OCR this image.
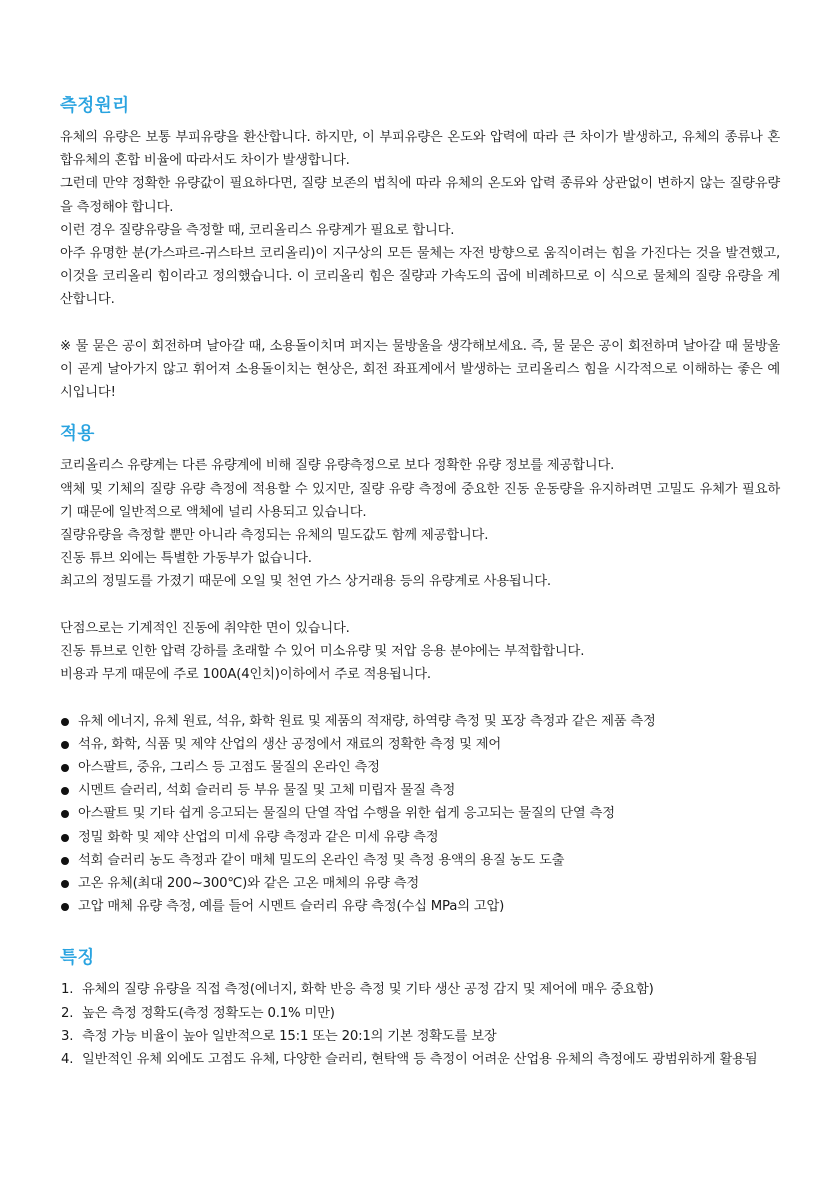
측정원리

유체의 유량은 보통 부피유량을 환산합니다. 하지만, 이 부피유량은 온도와 압력에 따라 큰 차이가 발생하고, 유체의 종류나 혼합유체의 혼합 비율에 따라서도 차이가 발생합니다.

그런데 만약 정확한 유량값이 필요하다면, 질량 보존의 법칙에 따라 유체의 온도와 압력 종류와 상관없이 변하지 않는 질량유량을 측정해야 합니다.

이런 경우 질량유량을 측정할 때, 코리올리스 유량계가 필요로 합니다.

아주 유명한 분(가스파르-귀스타브 코리올리)이 지구상의 모든 물체는 자전 방향으로 움직이려는 힘을 가진다는 것을 발견했고, 이것을 코리올리 힘이라고 정의했습니다. 이 코리올리 힘은 질량과 가속도의 곱에 비례하므로 이 식으로 물체의 질량 유량을 계산합니다.

※ 물 묻은 공이 회전하며 날아갈 때, 소용돌이치며 퍼지는 물방울을 생각해보세요. 즉, 물 묻은 공이 회전하며 날아갈 때 물방울이 곧게 날아가지 않고 휘어져 소용돌이치는 현상은, 회전 좌표계에서 발생하는 코리올리스 힘을 시각적으로 이해하는 좋은 예시입니다!

적용

코리올리스 유량계는 다른 유량계에 비해 질량 유량측정으로 보다 정확한 유량 정보를 제공합니다.

액체 및 기체의 질량 유량 측정에 적용할 수 있지만, 질량 유량 측정에 중요한 진동 운동량을 유지하려면 고밀도 유체가 필요하기 때문에 일반적으로 액체에 널리 사용되고 있습니다.

질량유량을 측정할 뿐만 아니라 측정되는 유체의 밀도값도 함께 제공합니다.

진동 튜브 외에는 특별한 가동부가 없습니다.

최고의 정밀도를 가졌기 때문에 오일 및 천연 가스 상거래용 등의 유량계로 사용됩니다.

단점으로는 기계적인 진동에 취약한 면이 있습니다.

진동 튜브로 인한 압력 강하를 초래할 수 있어 미소유량 및 저압 응용 분야에는 부적합합니다.

비용과 무게 때문에 주로 100A(4인치)이하에서 주로 적용됩니다.

유체 에너지, 유체 원료, 석유, 화학 원료 및 제품의 적재량, 하역량 측정 및 포장 측정과 같은 제품 측정
석유, 화학, 식품 및 제약 산업의 생산 공정에서 재료의 정확한 측정 및 제어
아스팔트, 중유, 그리스 등 고점도 물질의 온라인 측정
시멘트 슬러리, 석회 슬러리 등 부유 물질 및 고체 미립자 물질 측정
아스팔트 및 기타 쉽게 응고되는 물질의 단열 작업 수행을 위한 쉽게 응고되는 물질의 단열 측정
정밀 화학 및 제약 산업의 미세 유량 측정과 같은 미세 유량 측정
석회 슬러리 농도 측정과 같이 매체 밀도의 온라인 측정 및 측정 용액의 용질 농도 도출
고온 유체(최대 200~300℃)와 같은 고온 매체의 유량 측정
고압 매체 유량 측정, 예를 들어 시멘트 슬러리 유량 측정(수십 MPa의 고압)
특징
1. 유체의 질량 유량을 직접 측정(에너지, 화학 반응 측정 및 기타 생산 공정 감지 및 제어에 매우 중요함)
2. 높은 측정 정확도(측정 정확도는 0.1% 미만)
3. 측정 가능 비율이 높아 일반적으로 15:1 또는 20:1의 기본 정확도를 보장
4. 일반적인 유체 외에도 고점도 유체, 다양한 슬러리, 현탁액 등 측정이 어려운 산업용 유체의 측정에도 광범위하게 활용됨
